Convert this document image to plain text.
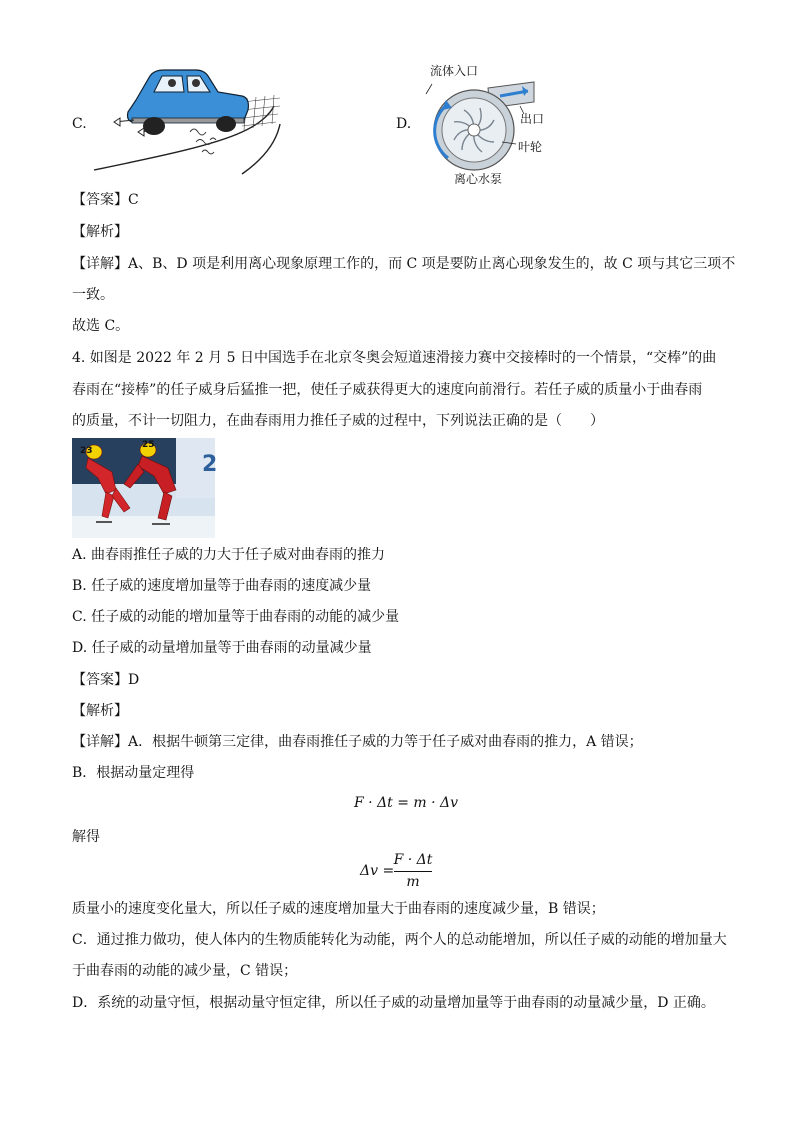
C.	D.
流体入口
出口
叶轮
离心水泵
【答案】C
【解析】
【详解】A、B、D 项是利用离心现象原理工作的，而 C 项是要防止离心现象发生的，故 C 项与其它三项不
一致。
故选 C。
4. 如图是 2022 年 2 月 5 日中国选手在北京冬奥会短道速滑接力赛中交接棒时的一个情景，“交棒”的曲
春雨在“接棒”的任子威身后猛推一把，使任子威获得更大的速度向前滑行。若任子威的质量小于曲春雨
的质量，不计一切阻力，在曲春雨用力推任子威的过程中，下列说法正确的是（　　）
23
25
2
A. 曲春雨推任子威的力大于任子威对曲春雨的推力
B. 任子威的速度增加量等于曲春雨的速度减少量
C. 任子威的动能的增加量等于曲春雨的动能的减少量
D. 任子威的动量增加量等于曲春雨的动量减少量
【答案】D
【解析】
【详解】A．根据牛顿第三定律，曲春雨推任子威的力等于任子威对曲春雨的推力，A 错误；
B．根据动量定理得
F · Δt = m · Δv
解得
Δv =
F · Δt
m
质量小的速度变化量大，所以任子威的速度增加量大于曲春雨的速度减少量，B 错误；
C．通过推力做功，使人体内的生物质能转化为动能，两个人的总动能增加，所以任子威的动能的增加量大
于曲春雨的动能的减少量，C 错误；
D．系统的动量守恒，根据动量守恒定律，所以任子威的动量增加量等于曲春雨的动量减少量，D 正确。
